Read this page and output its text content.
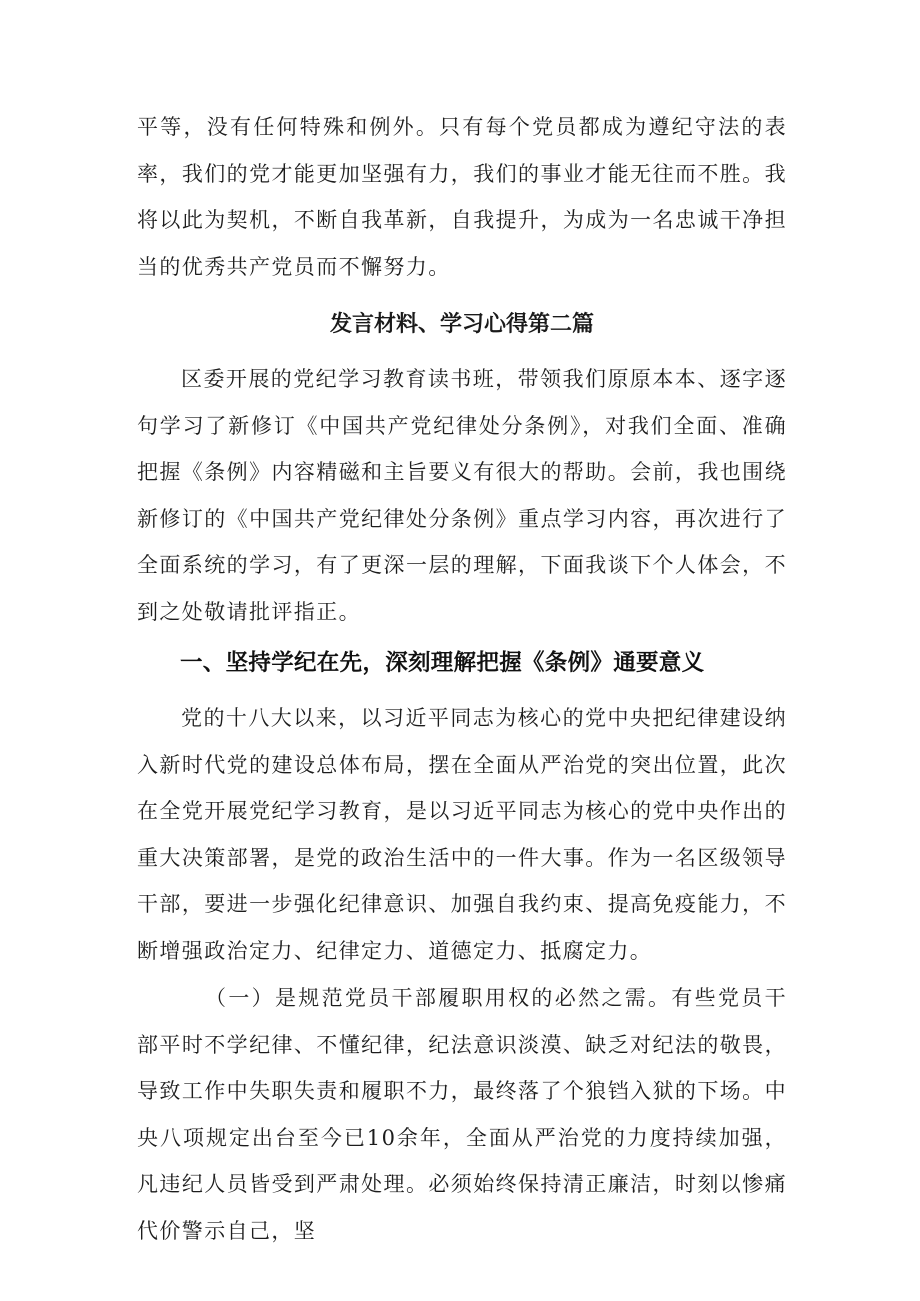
平等，没有任何特殊和例外。只有每个党员都成为遵纪守法的表率，我们的党才能更加坚强有力，我们的事业才能无往而不胜。我将以此为契机，不断自我革新，自我提升，为成为一名忠诚干净担当的优秀共产党员而不懈努力。

发言材料、学习心得第二篇

区委开展的党纪学习教育读书班，带领我们原原本本、逐字逐句学习了新修订《中国共产党纪律处分条例》，对我们全面、准确把握《条例》内容精磁和主旨要义有很大的帮助。会前，我也围绕新修订的《中国共产党纪律处分条例》重点学习内容，再次进行了全面系统的学习，有了更深一层的理解，下面我谈下个人体会，不到之处敬请批评指正。

一、坚持学纪在先，深刻理解把握《条例》通要意义

党的十八大以来，以习近平同志为核心的党中央把纪律建设纳入新时代党的建设总体布局，摆在全面从严治党的突出位置，此次在全党开展党纪学习教育，是以习近平同志为核心的党中央作出的重大决策部署，是党的政治生活中的一件大事。作为一名区级领导干部，要进一步强化纪律意识、加强自我约束、提高免疫能力，不断增强政治定力、纪律定力、道德定力、抵腐定力。

（一）是规范党员干部履职用权的必然之需。有些党员干部平时不学纪律、不懂纪律，纪法意识淡漠、缺乏对纪法的敬畏，导致工作中失职失责和履职不力，最终落了个狼铛入狱的下场。中央八项规定出台至今已10余年，全面从严治党的力度持续加强，凡违纪人员皆受到严肃处理。必须始终保持清正廉洁，时刻以惨痛代价警示自己，坚
